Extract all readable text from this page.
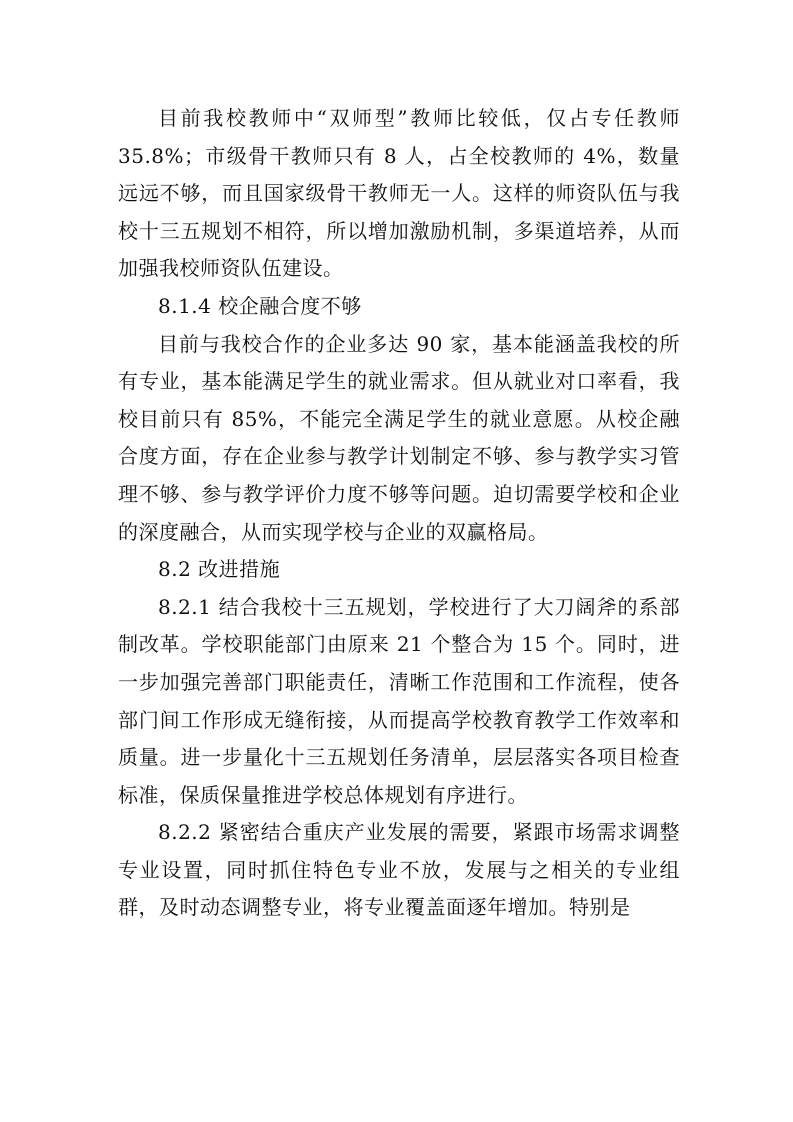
目前我校教师中“双师型”教师比较低，仅占专任教师35.8%；市级骨干教师只有 8 人，占全校教师的 4%，数量远远不够，而且国家级骨干教师无一人。这样的师资队伍与我校十三五规划不相符，所以增加激励机制，多渠道培养，从而加强我校师资队伍建设。

8.1.4 校企融合度不够

目前与我校合作的企业多达 90 家，基本能涵盖我校的所有专业，基本能满足学生的就业需求。但从就业对口率看，我校目前只有 85%，不能完全满足学生的就业意愿。从校企融合度方面，存在企业参与教学计划制定不够、参与教学实习管理不够、参与教学评价力度不够等问题。迫切需要学校和企业的深度融合，从而实现学校与企业的双赢格局。

8.2 改进措施

8.2.1 结合我校十三五规划，学校进行了大刀阔斧的系部制改革。学校职能部门由原来 21 个整合为 15 个。同时，进一步加强完善部门职能责任，清晰工作范围和工作流程，使各部门间工作形成无缝衔接，从而提高学校教育教学工作效率和质量。进一步量化十三五规划任务清单，层层落实各项目检查标准，保质保量推进学校总体规划有序进行。

8.2.2 紧密结合重庆产业发展的需要，紧跟市场需求调整专业设置，同时抓住特色专业不放，发展与之相关的专业组群，及时动态调整专业，将专业覆盖面逐年增加。特别是
